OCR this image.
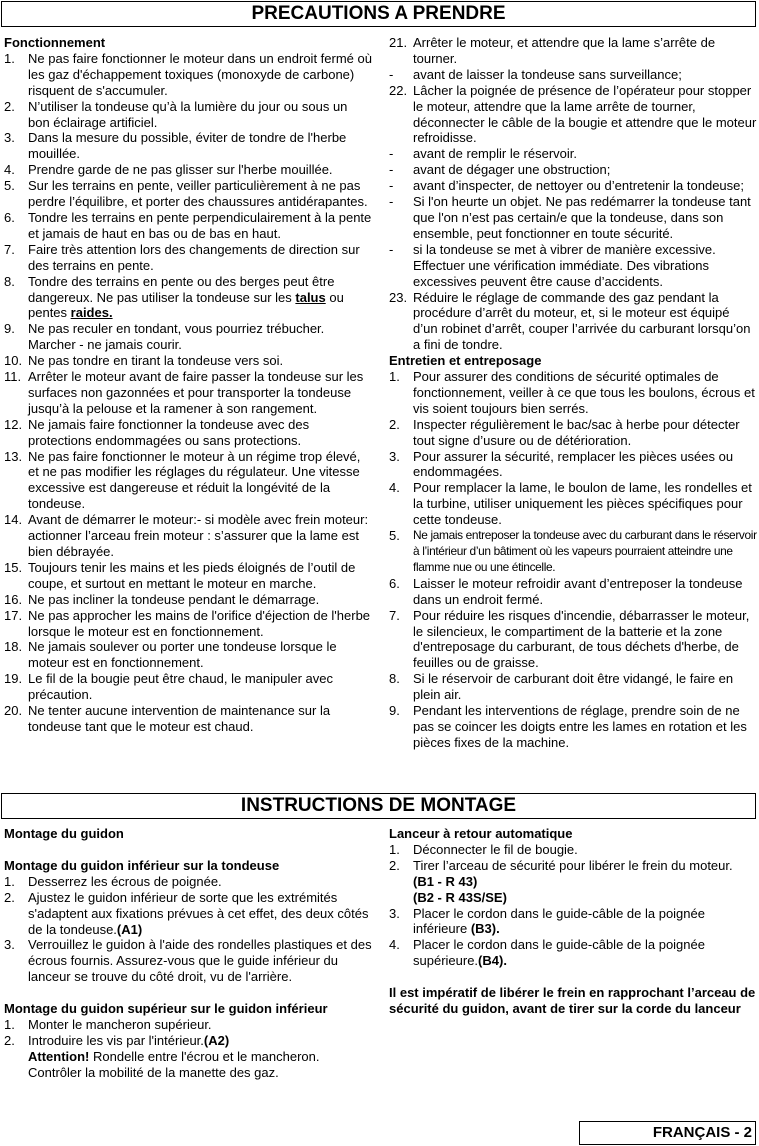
PRECAUTIONS A PRENDRE
Fonctionnement
1.	Ne pas faire fonctionner le moteur dans un endroit fermé où les gaz d'échappement toxiques (monoxyde de carbone) risquent de s'accumuler.
2.	N’utiliser la tondeuse qu’à la lumière du jour ou sous un bon éclairage artificiel.
3.	Dans la mesure du possible, éviter de tondre de l'herbe mouillée.
4.	Prendre garde de ne pas glisser sur l'herbe mouillée.
5.	Sur les terrains en pente, veiller particulièrement à ne pas perdre l’équilibre, et porter des chaussures antidérapantes.
6.	Tondre les terrains en pente perpendiculairement à la pente et jamais de haut en bas ou de bas en haut.
7.	Faire très attention lors des changements de direction sur des terrains en pente.
8.	Tondre des terrains en pente ou des berges peut être dangereux. Ne pas utiliser la tondeuse sur les talus ou pentes raides.
9.	Ne pas reculer en tondant, vous pourriez trébucher. Marcher - ne jamais courir.
10. Ne pas tondre en tirant la tondeuse vers soi.
11. Arrêter le moteur avant de faire passer la tondeuse sur les surfaces non gazonnées et pour transporter la tondeuse jusqu’à la pelouse et la ramener à son rangement.
12. Ne jamais faire fonctionner la tondeuse avec des protections endommagées ou sans protections.
13. Ne pas faire fonctionner le moteur à un régime trop élevé, et ne pas modifier les réglages du régulateur. Une vitesse excessive est dangereuse et réduit la longévité de la tondeuse.
14. Avant de démarrer le moteur:- si modèle avec frein moteur: actionner l’arceau frein moteur : s’assurer que la lame est bien débrayée.
15. Toujours tenir les mains et les pieds éloignés de l’outil de coupe, et surtout en mettant le moteur en marche.
16. Ne pas incliner la tondeuse pendant le démarrage.
17. Ne pas approcher les mains de l'orifice d'éjection de l'herbe lorsque le moteur est en fonctionnement.
18. Ne jamais soulever ou porter une tondeuse lorsque le moteur est en fonctionnement.
19. Le fil de la bougie peut être chaud, le manipuler avec précaution.
20. Ne tenter aucune intervention de maintenance sur la tondeuse tant que le moteur est chaud.
21. Arrêter le moteur, et attendre que la lame s’arrête de tourner.
-	avant de laisser la tondeuse sans surveillance;
22. Lâcher la poignée de présence de l’opérateur pour stopper le moteur, attendre que la lame arrête de tourner, déconnecter le câble de la bougie et attendre que le moteur refroidisse.
-	avant de remplir le réservoir.
-	avant de dégager une obstruction;
-	avant d’inspecter, de nettoyer ou d’entretenir la tondeuse;
-	Si l'on heurte un objet. Ne pas redémarrer la tondeuse tant que l'on n’est pas certain/e que la tondeuse, dans son ensemble, peut fonctionner en toute sécurité.
-	si la tondeuse se met à vibrer de manière excessive. Effectuer une vérification immédiate. Des vibrations excessives peuvent être cause d’accidents.
23. Réduire le réglage de commande des gaz pendant la procédure d’arrêt du moteur, et, si le moteur est équipé d’un robinet d’arrêt, couper l’arrivée du carburant lorsqu’on a fini de tondre.
Entretien et entreposage
1.	Pour assurer des conditions de sécurité optimales de fonctionnement, veiller à ce que tous les boulons, écrous et vis soient toujours bien serrés.
2.	Inspecter régulièrement le bac/sac à herbe pour détecter tout signe d’usure ou de détérioration.
3.	Pour assurer la sécurité, remplacer les pièces usées ou endommagées.
4.	Pour remplacer la lame, le boulon de lame, les rondelles et la turbine, utiliser uniquement les pièces spécifiques pour cette tondeuse.
5.	Ne jamais entreposer la tondeuse avec du carburant dans le réservoir à l’intérieur d’un bâtiment où les vapeurs pourraient atteindre une flamme nue ou une étincelle.
6.	Laisser le moteur refroidir avant d’entreposer la tondeuse dans un endroit fermé.
7.	Pour réduire les risques d'incendie, débarrasser le moteur, le silencieux, le compartiment de la batterie et la zone d'entreposage du carburant, de tous déchets d'herbe, de feuilles ou de graisse.
8.	Si le réservoir de carburant doit être vidangé, le faire en plein air.
9.	Pendant les interventions de réglage, prendre soin de ne pas se coincer les doigts entre les lames en rotation et les pièces fixes de la machine.
INSTRUCTIONS DE MONTAGE
Montage du guidon
Montage du guidon inférieur sur la tondeuse
1.	Desserrez les écrous de poignée.
2.	Ajustez le guidon inférieur de sorte que les extrémités s'adaptent aux fixations prévues à cet effet, des deux côtés de la tondeuse.(A1)
3.	Verrouillez le guidon à l'aide des rondelles plastiques et des écrous fournis. Assurez-vous que le guide inférieur du lanceur se trouve du côté droit, vu de l'arrière.
Montage du guidon supérieur sur le guidon inférieur
1.	Monter le mancheron supérieur.
2.	Introduire les vis par l'intérieur.(A2)
Attention! Rondelle entre l'écrou et le mancheron. Contrôler la mobilité de la manette des gaz.
Lanceur à retour automatique
1.	Déconnecter le fil de bougie.
2.	Tirer l’arceau de sécurité pour libérer le frein du moteur.
(B1 - R 43)
(B2 - R 43S/SE)
3.	Placer le cordon dans le guide-câble de la poignée inférieure (B3).
4.	Placer le cordon dans le guide-câble de la poignée supérieure.(B4).
Il est impératif de libérer le frein en rapprochant l’arceau de sécurité du guidon, avant de tirer sur la corde du lanceur
FRANÇAIS - 2
